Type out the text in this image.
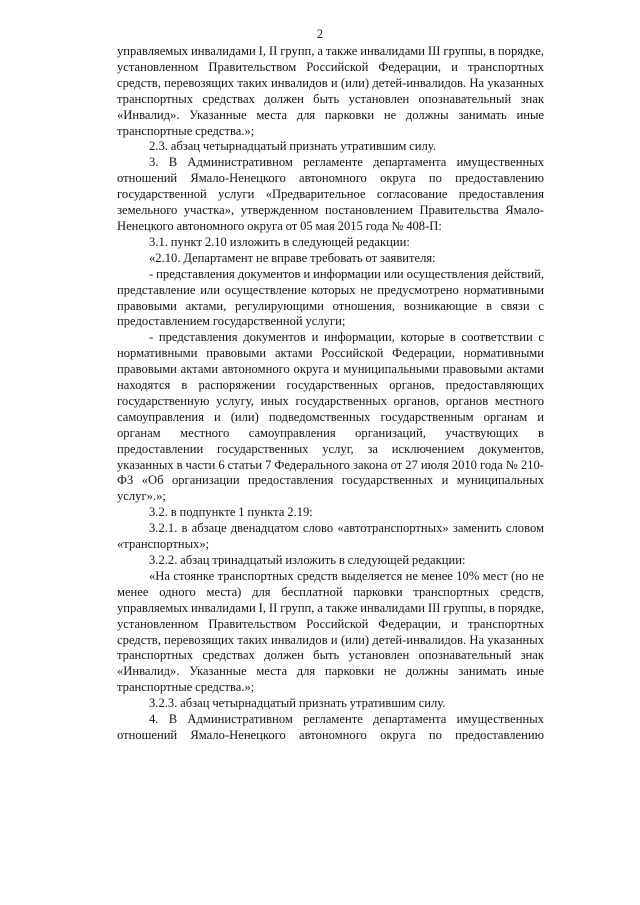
2

управляемых инвалидами I, II групп, а также инвалидами III группы, в порядке, установленном Правительством Российской Федерации, и транспортных средств, перевозящих таких инвалидов и (или) детей-инвалидов. На указанных транспортных средствах должен быть установлен опознавательный знак «Инвалид». Указанные места для парковки не должны занимать иные транспортные средства.»;

2.3. абзац четырнадцатый признать утратившим силу.

3. В Административном регламенте департамента имущественных отношений Ямало-Ненецкого автономного округа по предоставлению государственной услуги «Предварительное согласование предоставления земельного участка», утвержденном постановлением Правительства Ямало- Ненецкого автономного округа от 05 мая 2015 года № 408-П:

3.1. пункт 2.10 изложить в следующей редакции:

«2.10. Департамент не вправе требовать от заявителя:

- представления документов и информации или осуществления действий, представление или осуществление которых не предусмотрено нормативными правовыми актами, регулирующими отношения, возникающие в связи с предоставлением государственной услуги;

- представления документов и информации, которые в соответствии с нормативными правовыми актами Российской Федерации, нормативными правовыми актами автономного округа и муниципальными правовыми актами находятся в распоряжении государственных органов, предоставляющих государственную услугу, иных государственных органов, органов местного самоуправления и (или) подведомственных государственным органам и органам местного самоуправления организаций, участвующих в предоставлении государственных услуг, за исключением документов, указанных в части 6 статьи 7 Федерального закона от 27 июля 2010 года № 210-ФЗ «Об организации предоставления государственных и муниципальных услуг».»;

3.2. в подпункте 1 пункта 2.19:

3.2.1. в абзаце двенадцатом слово «автотранспортных» заменить словом «транспортных»;

3.2.2. абзац тринадцатый изложить в следующей редакции:

«На стоянке транспортных средств выделяется не менее 10% мест (но не менее одного места) для бесплатной парковки транспортных средств, управляемых инвалидами I, II групп, а также инвалидами III группы, в порядке, установленном Правительством Российской Федерации, и транспортных средств, перевозящих таких инвалидов и (или) детей-инвалидов. На указанных транспортных средствах должен быть установлен опознавательный знак «Инвалид». Указанные места для парковки не должны занимать иные транспортные средства.»;

3.2.3. абзац четырнадцатый признать утратившим силу.

4. В Административном регламенте департамента имущественных отношений Ямало-Ненецкого автономного округа по предоставлению
